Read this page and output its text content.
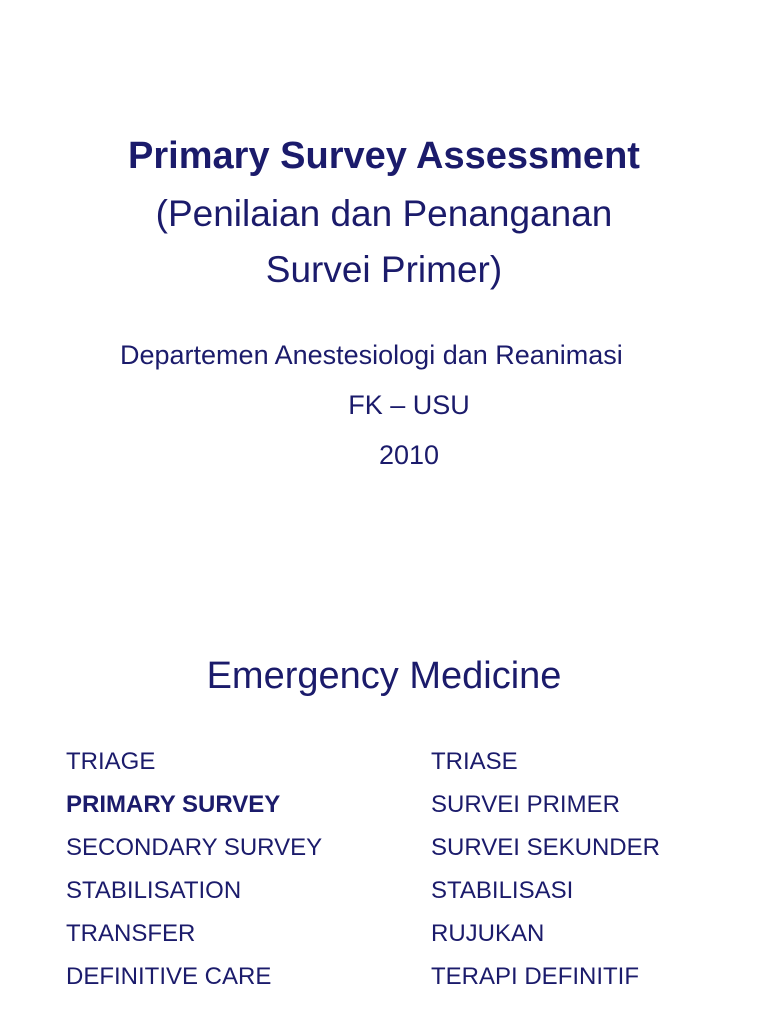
Primary Survey Assessment
(Penilaian dan Penanganan
Survei Primer)
Departemen Anestesiologi dan Reanimasi
FK – USU
2010
Emergency Medicine
TRIAGE	TRIASE
PRIMARY SURVEY	SURVEI PRIMER
SECONDARY SURVEY	SURVEI SEKUNDER
STABILISATION	STABILISASI
TRANSFER	RUJUKAN
DEFINITIVE CARE	TERAPI DEFINITIF
